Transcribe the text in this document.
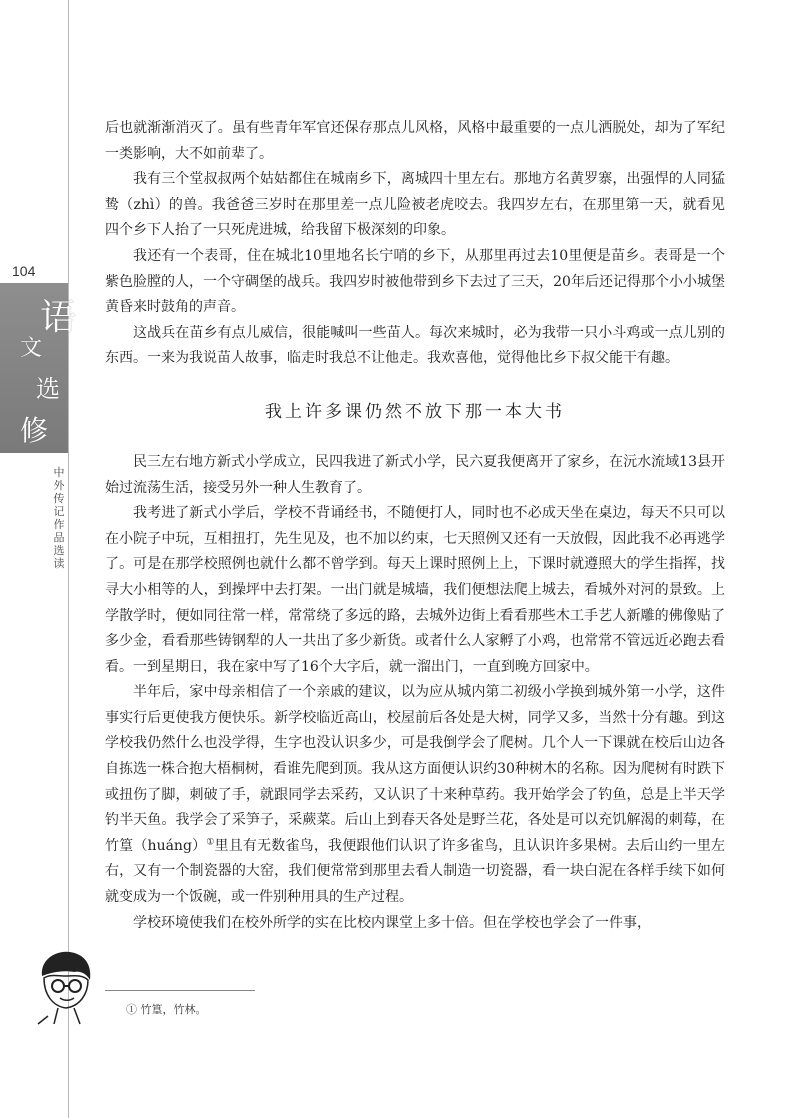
104
语
文
选
修
中外传记作品选读

后也就渐渐消灭了。虽有些青年军官还保存那点儿风格，风格中最重要的一点儿洒脱处，却为了军纪一类影响，大不如前辈了。

我有三个堂叔叔两个姑姑都住在城南乡下，离城四十里左右。那地方名黄罗寨，出强悍的人同猛鸷（zhì）的兽。我爸爸三岁时在那里差一点儿险被老虎咬去。我四岁左右，在那里第一天，就看见四个乡下人抬了一只死虎进城，给我留下极深刻的印象。

我还有一个表哥，住在城北10里地名长宁哨的乡下，从那里再过去10里便是苗乡。表哥是一个紫色脸膛的人，一个守碉堡的战兵。我四岁时被他带到乡下去过了三天，20年后还记得那个小小城堡黄昏来时鼓角的声音。

这战兵在苗乡有点儿威信，很能喊叫一些苗人。每次来城时，必为我带一只小斗鸡或一点儿别的东西。一来为我说苗人故事，临走时我总不让他走。我欢喜他，觉得他比乡下叔父能干有趣。

我上许多课仍然不放下那一本大书

民三左右地方新式小学成立，民四我进了新式小学，民六夏我便离开了家乡，在沅水流域13县开始过流荡生活，接受另外一种人生教育了。

我考进了新式小学后，学校不背诵经书，不随便打人，同时也不必成天坐在桌边，每天不只可以在小院子中玩，互相扭打，先生见及，也不加以约束，七天照例又还有一天放假，因此我不必再逃学了。可是在那学校照例也就什么都不曾学到。每天上课时照例上上，下课时就遵照大的学生指挥，找寻大小相等的人，到操坪中去打架。一出门就是城墙，我们便想法爬上城去，看城外对河的景致。上学散学时，便如同往常一样，常常绕了多远的路，去城外边街上看看那些木工手艺人新雕的佛像贴了多少金，看看那些铸钢犁的人一共出了多少新货。或者什么人家孵了小鸡，也常常不管远近必跑去看看。一到星期日，我在家中写了16个大字后，就一溜出门，一直到晚方回家中。

半年后，家中母亲相信了一个亲戚的建议，以为应从城内第二初级小学换到城外第一小学，这件事实行后更使我方便快乐。新学校临近高山，校屋前后各处是大树，同学又多，当然十分有趣。到这学校我仍然什么也没学得，生字也没认识多少，可是我倒学会了爬树。几个人一下课就在校后山边各自拣选一株合抱大梧桐树，看谁先爬到顶。我从这方面便认识约30种树木的名称。因为爬树有时跌下或扭伤了脚，刺破了手，就跟同学去采药，又认识了十来种草药。我开始学会了钓鱼，总是上半天学钓半天鱼。我学会了采笋子，采蕨菜。后山上到春天各处是野兰花，各处是可以充饥解渴的刺莓，在竹篁（huáng）①里且有无数雀鸟，我便跟他们认识了许多雀鸟，且认识许多果树。去后山约一里左右，又有一个制瓷器的大窑，我们便常常到那里去看人制造一切瓷器，看一块白泥在各样手续下如何就变成为一个饭碗，或一件别种用具的生产过程。

学校环境使我们在校外所学的实在比校内课堂上多十倍。但在学校也学会了一件事，

① 竹篁，竹林。
